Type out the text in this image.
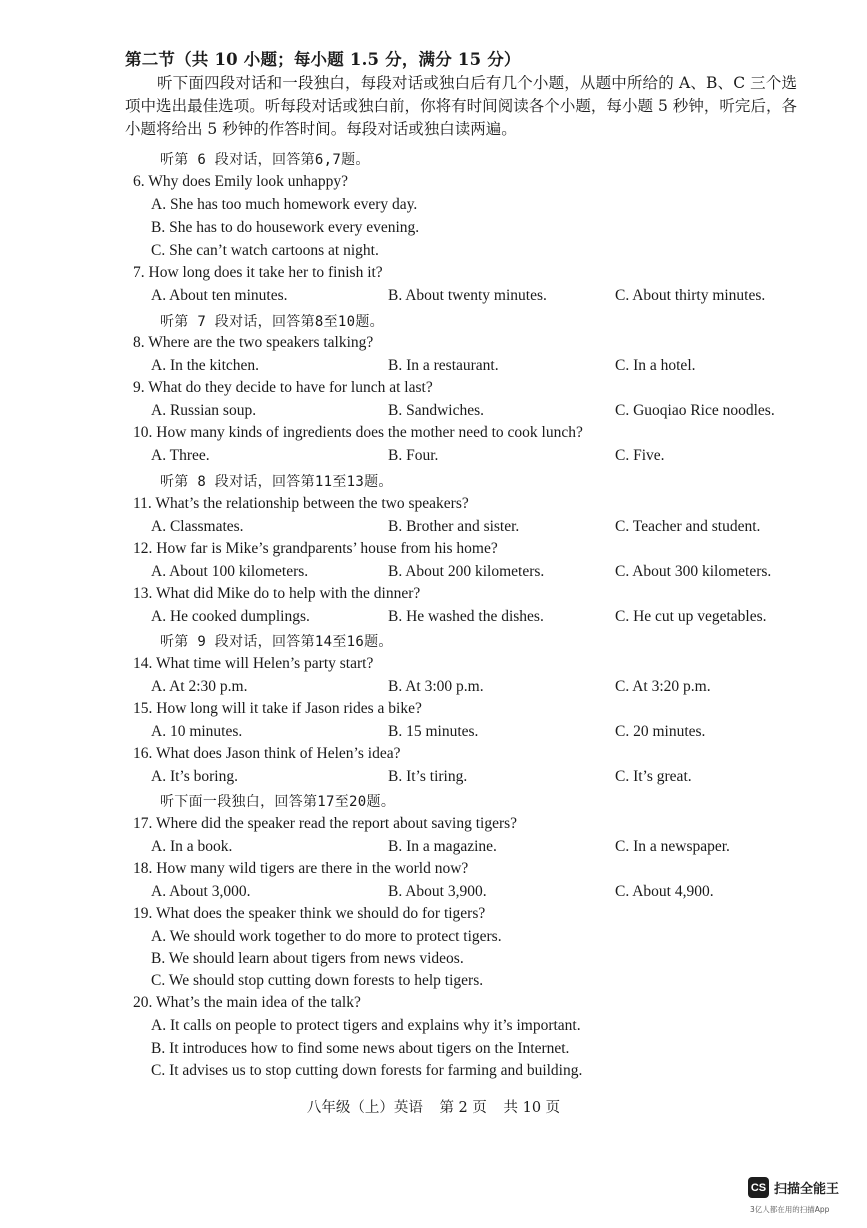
第二节（共 10 小题；每小题 1.5 分，满分 15 分）
听下面四段对话和一段独白，每段对话或独白后有几个小题，从题中所给的 A、B、C 三个选项中选出最佳选项。听每段对话或独白前，你将有时间阅读各个小题，每小题 5 秒钟，听完后，各小题将给出 5 秒钟的作答时间。每段对话或独白读两遍。
听第 6 段对话，回答第6,7题。
6. Why does Emily look unhappy?
A. She has too much homework every day.
B. She has to do housework every evening.
C. She can’t watch cartoons at night.
7. How long does it take her to finish it?
A. About ten minutes.	B. About twenty minutes.	C. About thirty minutes.
听第 7 段对话，回答第8至10题。
8. Where are the two speakers talking?
A. In the kitchen.	B. In a restaurant.	C. In a hotel.
9. What do they decide to have for lunch at last?
A. Russian soup.	B. Sandwiches.	C. Guoqiao Rice noodles.
10. How many kinds of ingredients does the mother need to cook lunch?
A. Three.	B. Four.	C. Five.
听第 8 段对话，回答第11至13题。
11. What’s the relationship between the two speakers?
A. Classmates.	B. Brother and sister.	C. Teacher and student.
12. How far is Mike’s grandparents’ house from his home?
A. About 100 kilometers.	B. About 200 kilometers.	C. About 300 kilometers.
13. What did Mike do to help with the dinner?
A. He cooked dumplings.	B. He washed the dishes.	C. He cut up vegetables.
听第 9 段对话，回答第14至16题。
14. What time will Helen’s party start?
A. At 2:30 p.m.	B. At 3:00 p.m.	C. At 3:20 p.m.
15. How long will it take if Jason rides a bike?
A. 10 minutes.	B. 15 minutes.	C. 20 minutes.
16. What does Jason think of Helen’s idea?
A. It’s boring.	B. It’s tiring.	C. It’s great.
听下面一段独白，回答第17至20题。
17. Where did the speaker read the report about saving tigers?
A. In a book.	B. In a magazine.	C. In a newspaper.
18. How many wild tigers are there in the world now?
A. About 3,000.	B. About 3,900.	C. About 4,900.
19. What does the speaker think we should do for tigers?
A. We should work together to do more to protect tigers.
B. We should learn about tigers from news videos.
C. We should stop cutting down forests to help tigers.
20. What’s the main idea of the talk?
A. It calls on people to protect tigers and explains why it’s important.
B. It introduces how to find some news about tigers on the Internet.
C. It advises us to stop cutting down forests for farming and building.
八年级（上）英语 第 2 页 共 10 页
CS 扫描全能王
3亿人都在用的扫描App
